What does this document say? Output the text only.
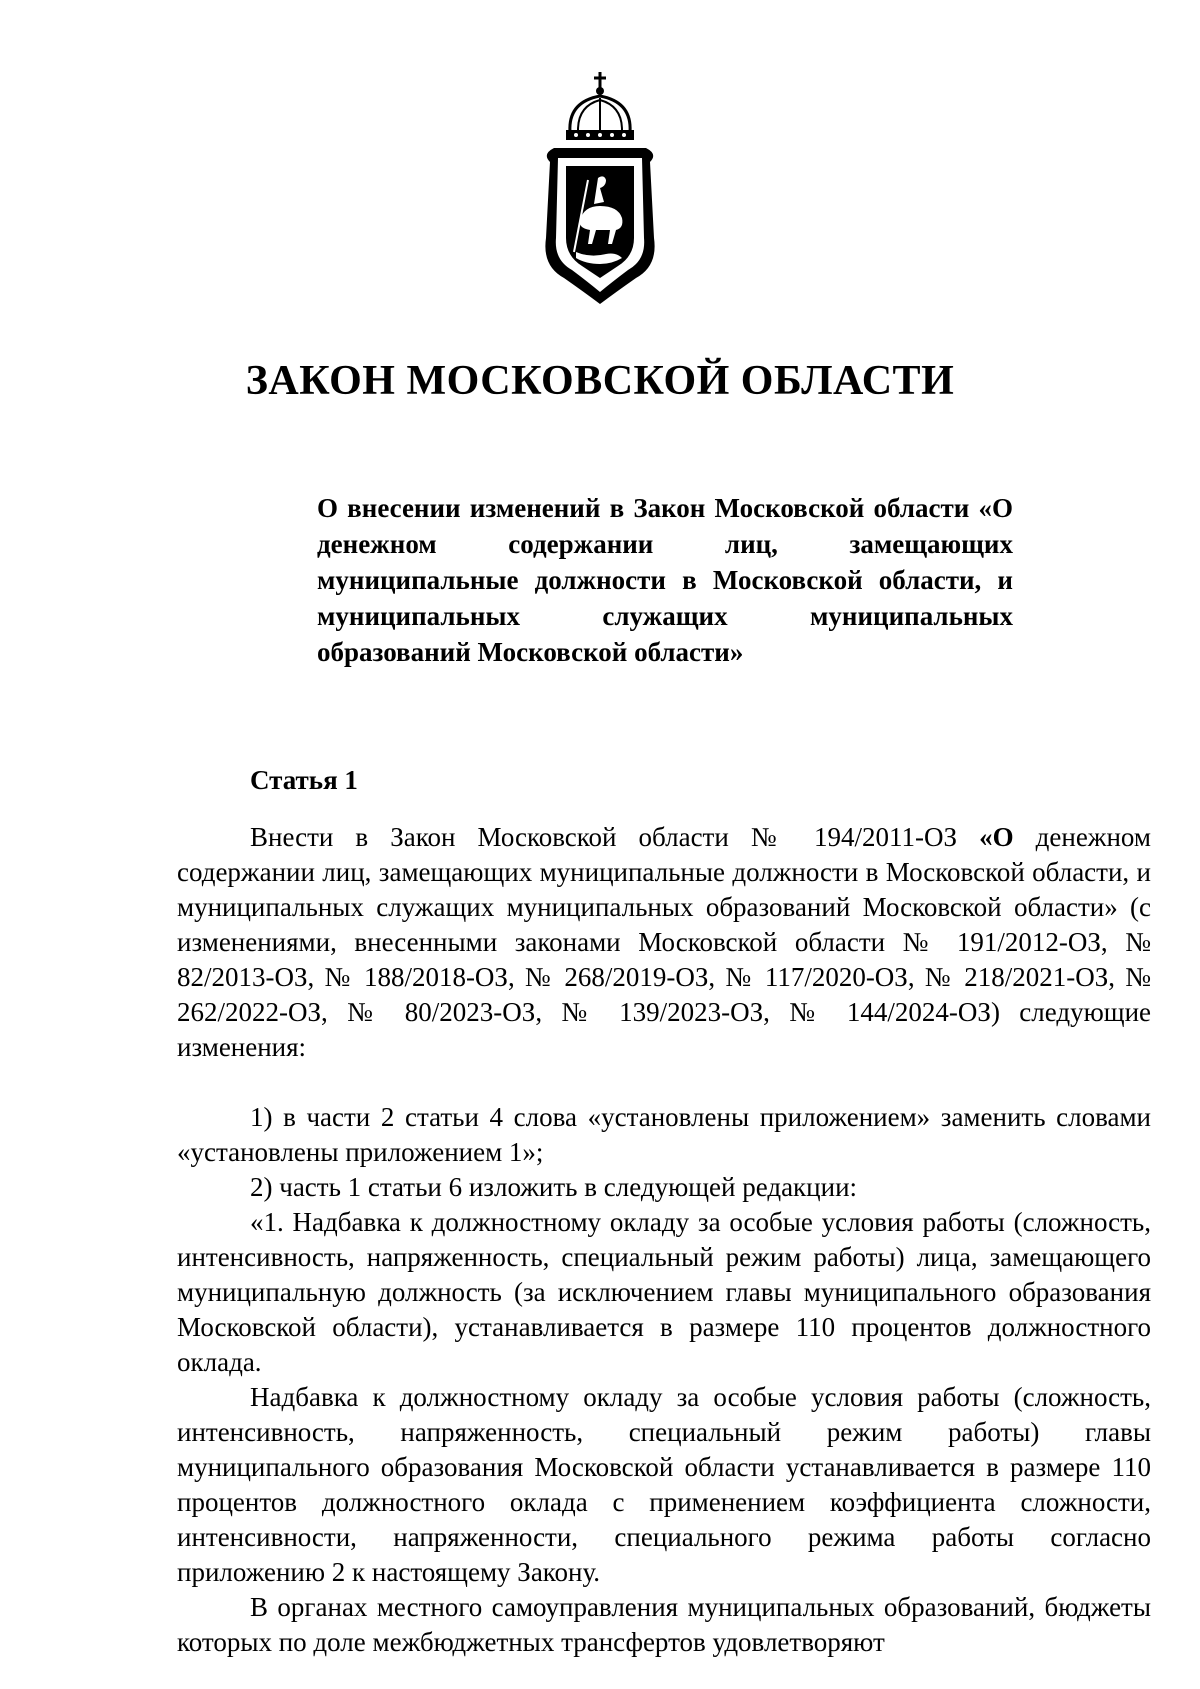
ЗАКОН МОСКОВСКОЙ ОБЛАСТИ
О внесении изменений в Закон Московской области «О денежном содержании лиц, замещающих муниципальные должности в Московской области, и муниципальных служащих муниципальных образований Московской области»
Статья 1

Внести в Закон Московской области № 194/2011-ОЗ «О денежном содержании лиц, замещающих муниципальные должности в Московской области, и муниципальных служащих муниципальных образований Московской области» (с изменениями, внесенными законами Московской области № 191/2012-ОЗ, № 82/2013-ОЗ, № 188/2018-ОЗ, № 268/2019-ОЗ, № 117/2020-ОЗ, № 218/2021-ОЗ, № 262/2022-ОЗ, № 80/2023-ОЗ, № 139/2023-ОЗ, № 144/2024-ОЗ) следующие изменения:

1) в части 2 статьи 4 слова «установлены приложением» заменить словами «установлены приложением 1»;

2) часть 1 статьи 6 изложить в следующей редакции:

«1. Надбавка к должностному окладу за особые условия работы (сложность, интенсивность, напряженность, специальный режим работы) лица, замещающего муниципальную должность (за исключением главы муниципального образования Московской области), устанавливается в размере 110 процентов должностного оклада.

Надбавка к должностному окладу за особые условия работы (сложность, интенсивность, напряженность, специальный режим работы) главы муниципального образования Московской области устанавливается в размере 110 процентов должностного оклада с применением коэффициента сложности, интенсивности, напряженности, специального режима работы согласно приложению 2 к настоящему Закону.

В органах местного самоуправления муниципальных образований, бюджеты которых по доле межбюджетных трансфертов удовлетворяют
